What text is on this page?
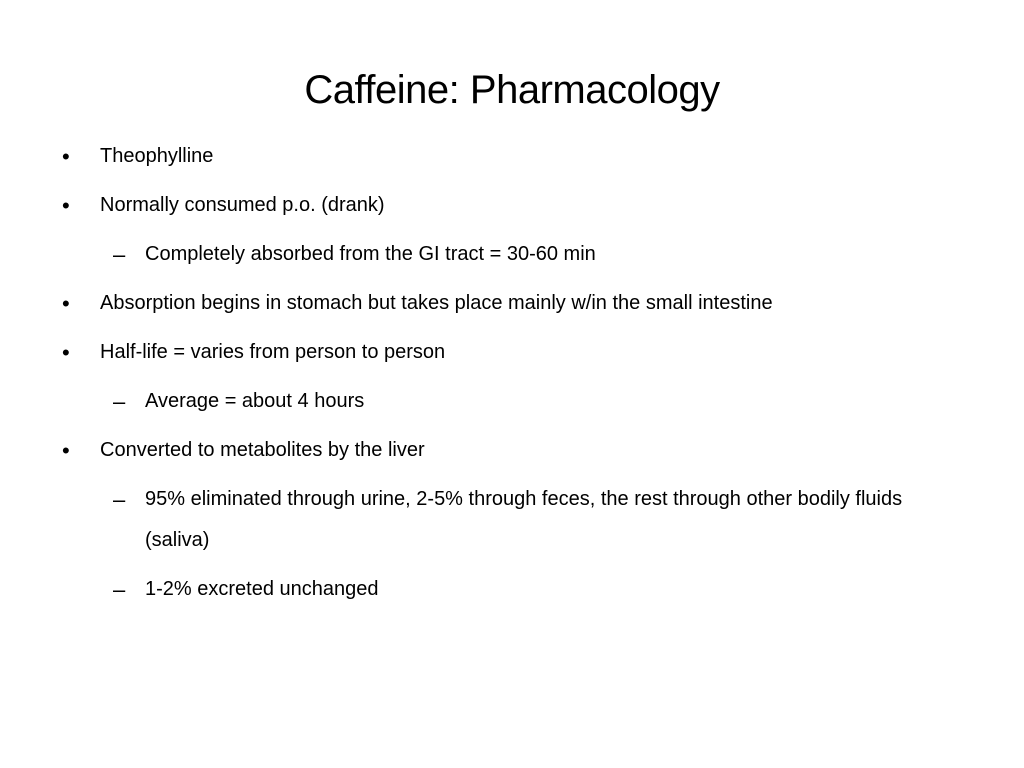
Caffeine: Pharmacology
• Theophylline
• Normally consumed p.o. (drank)
– Completely absorbed from the GI tract = 30-60 min
• Absorption begins in stomach but takes place mainly w/in the small intestine
• Half-life = varies from person to person
– Average = about 4 hours
• Converted to metabolites by the liver
– 95% eliminated through urine, 2-5% through feces, the rest through other bodily fluids (saliva)
– 1-2% excreted unchanged
